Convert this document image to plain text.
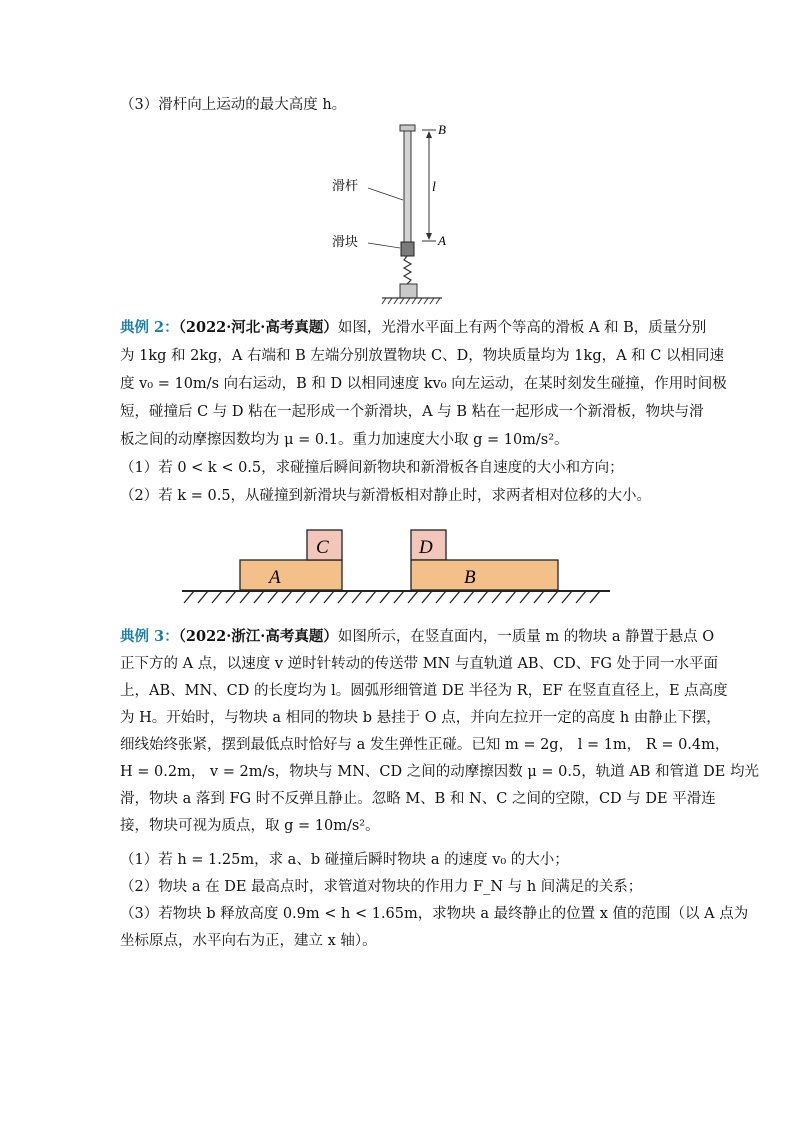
（3）滑杆向上运动的最大高度 h。
B
A
l
滑杆
滑块
典例 2：（2022·河北·高考真题）如图，光滑水平面上有两个等高的滑板 A 和 B，质量分别
为 1kg 和 2kg，A 右端和 B 左端分别放置物块 C、D，物块质量均为 1kg，A 和 C 以相同速
度 v₀ = 10m/s 向右运动，B 和 D 以相同速度 kv₀ 向左运动，在某时刻发生碰撞，作用时间极
短，碰撞后 C 与 D 粘在一起形成一个新滑块，A 与 B 粘在一起形成一个新滑板，物块与滑
板之间的动摩擦因数均为 μ = 0.1。重力加速度大小取 g = 10m/s²。
（1）若 0 < k < 0.5，求碰撞后瞬间新物块和新滑板各自速度的大小和方向；
（2）若 k = 0.5，从碰撞到新滑块与新滑板相对静止时，求两者相对位移的大小。
A
C	D
B
典例 3：（2022·浙江·高考真题）如图所示，在竖直面内，一质量 m 的物块 a 静置于悬点 O
正下方的 A 点，以速度 v 逆时针转动的传送带 MN 与直轨道 AB、CD、FG 处于同一水平面
上，AB、MN、CD 的长度均为 l。圆弧形细管道 DE 半径为 R，EF 在竖直直径上，E 点高度
为 H。开始时，与物块 a 相同的物块 b 悬挂于 O 点，并向左拉开一定的高度 h 由静止下摆，
细线始终张紧，摆到最低点时恰好与 a 发生弹性正碰。已知 m = 2g， l = 1m， R = 0.4m，
H = 0.2m， v = 2m/s，物块与 MN、CD 之间的动摩擦因数 μ = 0.5，轨道 AB 和管道 DE 均光
滑，物块 a 落到 FG 时不反弹且静止。忽略 M、B 和 N、C 之间的空隙，CD 与 DE 平滑连
接，物块可视为质点，取 g = 10m/s²。
（1）若 h = 1.25m，求 a、b 碰撞后瞬时物块 a 的速度 v₀ 的大小；
（2）物块 a 在 DE 最高点时，求管道对物块的作用力 F_N 与 h 间满足的关系；
（3）若物块 b 释放高度 0.9m < h < 1.65m，求物块 a 最终静止的位置 x 值的范围（以 A 点为
坐标原点，水平向右为正，建立 x 轴）。
